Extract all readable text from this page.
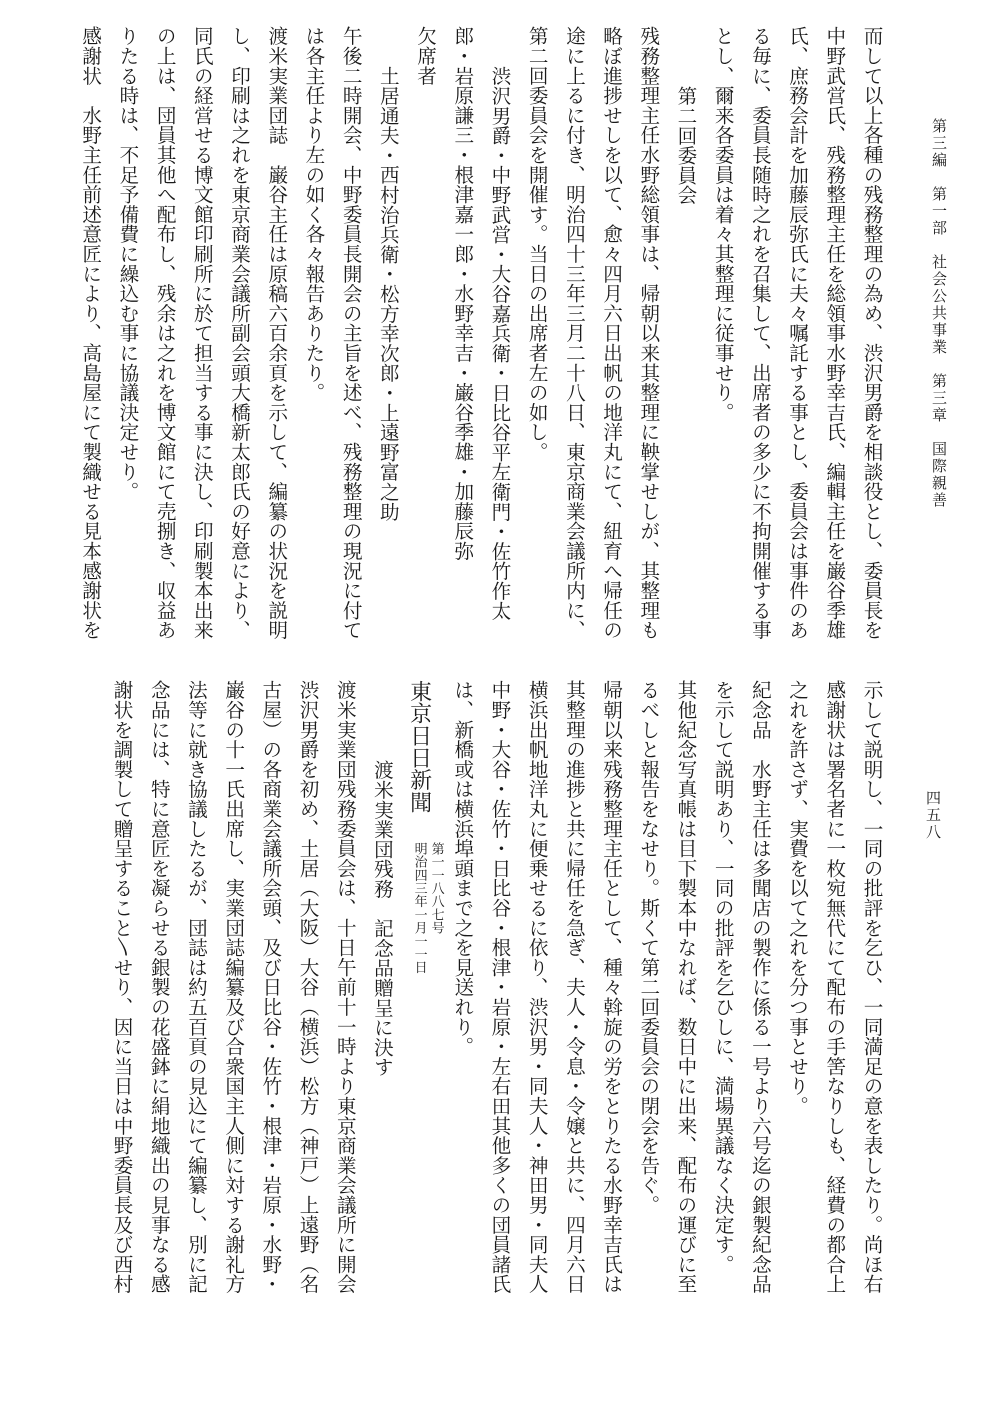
第三編　第一部　社会公共事業　第三章　国際親善
四五八
而して以上各種の残務整理の為め、渋沢男爵を相談役とし、委員長を
中野武営氏、残務整理主任を総領事水野幸吉氏、編輯主任を巌谷季雄
氏、庶務会計を加藤辰弥氏に夫々嘱託する事とし、委員会は事件のあ
る毎に、委員長随時之れを召集して、出席者の多少に不拘開催する事
とし、爾来各委員は着々其整理に従事せり。
第二回委員会
残務整理主任水野総領事は、帰朝以来其整理に鞅掌せしが、其整理も
略ぼ進捗せしを以て、愈々四月六日出帆の地洋丸にて、紐育へ帰任の
途に上るに付き、明治四十三年三月二十八日、東京商業会議所内に、
第二回委員会を開催す。当日の出席者左の如し。
渋沢男爵・中野武営・大谷嘉兵衛・日比谷平左衛門・佐竹作太
郎・岩原謙三・根津嘉一郎・水野幸吉・巌谷季雄・加藤辰弥
欠席者
土居通夫・西村治兵衛・松方幸次郎・上遠野富之助
午後二時開会、中野委員長開会の主旨を述べ、残務整理の現況に付て
は各主任より左の如く各々報告ありたり。
渡米実業団誌　巌谷主任は原稿六百余頁を示して、編纂の状況を説明
し、印刷は之れを東京商業会議所副会頭大橋新太郎氏の好意により、
同氏の経営せる博文館印刷所に於て担当する事に決し、印刷製本出来
の上は、団員其他へ配布し、残余は之れを博文館にて売捌き、収益あ
りたる時は、不足予備費に繰込む事に協議決定せり。
感謝状　水野主任前述意匠により、高島屋にて製織せる見本感謝状を
示して説明し、一同の批評を乞ひ、一同満足の意を表したり。尚ほ右
感謝状は署名者に一枚宛無代にて配布の手筈なりしも、経費の都合上
之れを許さず、実費を以て之れを分つ事とせり。
紀念品　水野主任は多聞店の製作に係る一号より六号迄の銀製紀念品
を示して説明あり、一同の批評を乞ひしに、満場異議なく決定す。
其他紀念写真帳は目下製本中なれば、数日中に出来、配布の運びに至
るべしと報告をなせり。斯くて第二回委員会の閉会を告ぐ。
帰朝以来残務整理主任として、種々斡旋の労をとりたる水野幸吉氏は
其整理の進捗と共に帰任を急ぎ、夫人・令息・令嬢と共に、四月六日
横浜出帆地洋丸に便乗せるに依り、渋沢男・同夫人・神田男・同夫人
中野・大谷・佐竹・日比谷・根津・岩原・左右田其他多くの団員諸氏
は、新橋或は横浜埠頭まで之を見送れり。
東京日日新聞 第一一八八七号
明治四三年一月一一日
渡米実業団残務　記念品贈呈に決す
渡米実業団残務委員会は、十日午前十一時より東京商業会議所に開会
渋沢男爵を初め、土居（大阪）大谷（横浜）松方（神戸）上遠野（名
古屋）の各商業会議所会頭、及び日比谷・佐竹・根津・岩原・水野・
巌谷の十一氏出席し、実業団誌編纂及び合衆国主人側に対する謝礼方
法等に就き協議したるが、団誌は約五百頁の見込にて編纂し、別に記
念品には、特に意匠を凝らせる銀製の花盛鉢に絹地織出の見事なる感
謝状を調製して贈呈すること〵せり、因に当日は中野委員長及び西村
